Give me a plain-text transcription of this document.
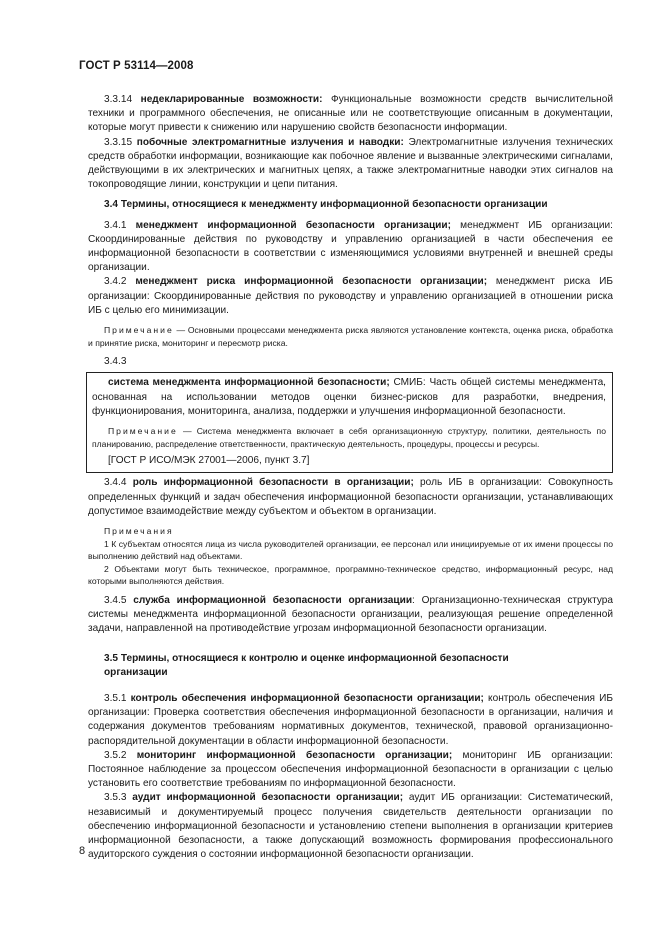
ГОСТ Р 53114—2008

3.3.14 недекларированные возможности: Функциональные возможности средств вычислительной техники и программного обеспечения, не описанные или не соответствующие описанным в документации, которые могут привести к снижению или нарушению свойств безопасности информации.

3.3.15 побочные электромагнитные излучения и наводки: Электромагнитные излучения технических средств обработки информации, возникающие как побочное явление и вызванные электрическими сигналами, действующими в их электрических и магнитных цепях, а также электромагнитные наводки этих сигналов на токопроводящие линии, конструкции и цепи питания.

3.4 Термины, относящиеся к менеджменту информационной безопасности организации

3.4.1 менеджмент информационной безопасности организации; менеджмент ИБ организации: Скоординированные действия по руководству и управлению организацией в части обеспечения ее информационной безопасности в соответствии с изменяющимися условиями внутренней и внешней среды организации.

3.4.2 менеджмент риска информационной безопасности организации; менеджмент риска ИБ организации: Скоординированные действия по руководству и управлению организацией в отношении риска ИБ с целью его минимизации.

Примечание — Основными процессами менеджмента риска являются установление контекста, оценка риска, обработка и принятие риска, мониторинг и пересмотр риска.

3.4.3

система менеджмента информационной безопасности; СМИБ: Часть общей системы менеджмента, основанная на использовании методов оценки бизнес-рисков для разработки, внедрения, функционирования, мониторинга, анализа, поддержки и улучшения информационной безопасности.

Примечание — Система менеджмента включает в себя организационную структуру, политики, деятельность по планированию, распределение ответственности, практическую деятельность, процедуры, процессы и ресурсы.

[ГОСТ Р ИСО/МЭК 27001—2006, пункт 3.7]

3.4.4 роль информационной безопасности в организации; роль ИБ в организации: Совокупность определенных функций и задач обеспечения информационной безопасности организации, устанавливающих допустимое взаимодействие между субъектом и объектом в организации.

Примечания

1 К субъектам относятся лица из числа руководителей организации, ее персонал или инициируемые от их имени процессы по выполнению действий над объектами.

2 Объектами могут быть техническое, программное, программно-техническое средство, информационный ресурс, над которыми выполняются действия.

3.4.5 служба информационной безопасности организации: Организационно-техническая структура системы менеджмента информационной безопасности организации, реализующая решение определенной задачи, направленной на противодействие угрозам информационной безопасности организации.

3.5 Термины, относящиеся к контролю и оценке информационной безопасности организации

3.5.1 контроль обеспечения информационной безопасности организации; контроль обеспечения ИБ организации: Проверка соответствия обеспечения информационной безопасности в организации, наличия и содержания документов требованиям нормативных документов, технической, правовой организационно-распорядительной документации в области информационной безопасности.

3.5.2 мониторинг информационной безопасности организации; мониторинг ИБ организации: Постоянное наблюдение за процессом обеспечения информационной безопасности в организации с целью установить его соответствие требованиям по информационной безопасности.

3.5.3 аудит информационной безопасности организации; аудит ИБ организации: Систематический, независимый и документируемый процесс получения свидетельств деятельности организации по обеспечению информационной безопасности и установлению степени выполнения в организации критериев информационной безопасности, а также допускающий возможность формирования профессионального аудиторского суждения о состоянии информационной безопасности организации.

8
